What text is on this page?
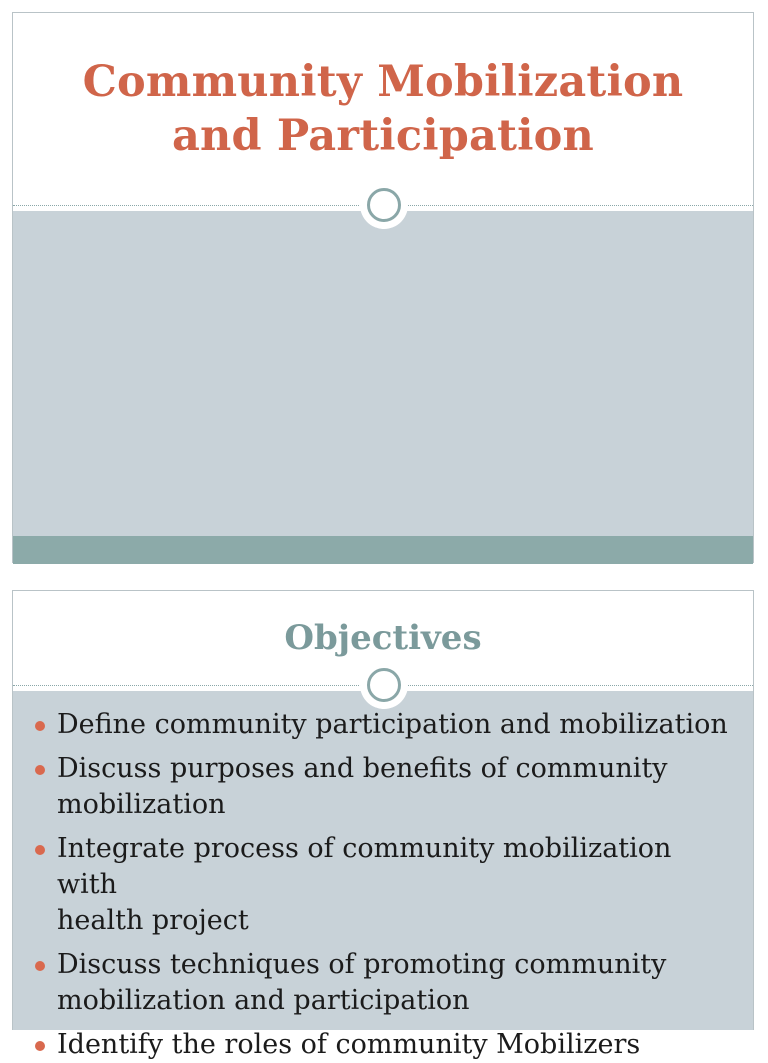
Community Mobilization
and Participation
Objectives
Define community participation and mobilization
Discuss purposes and benefits of community
mobilization
Integrate process of community mobilization with
health project
Discuss techniques of promoting community
mobilization and participation
Identify the roles of community Mobilizers
